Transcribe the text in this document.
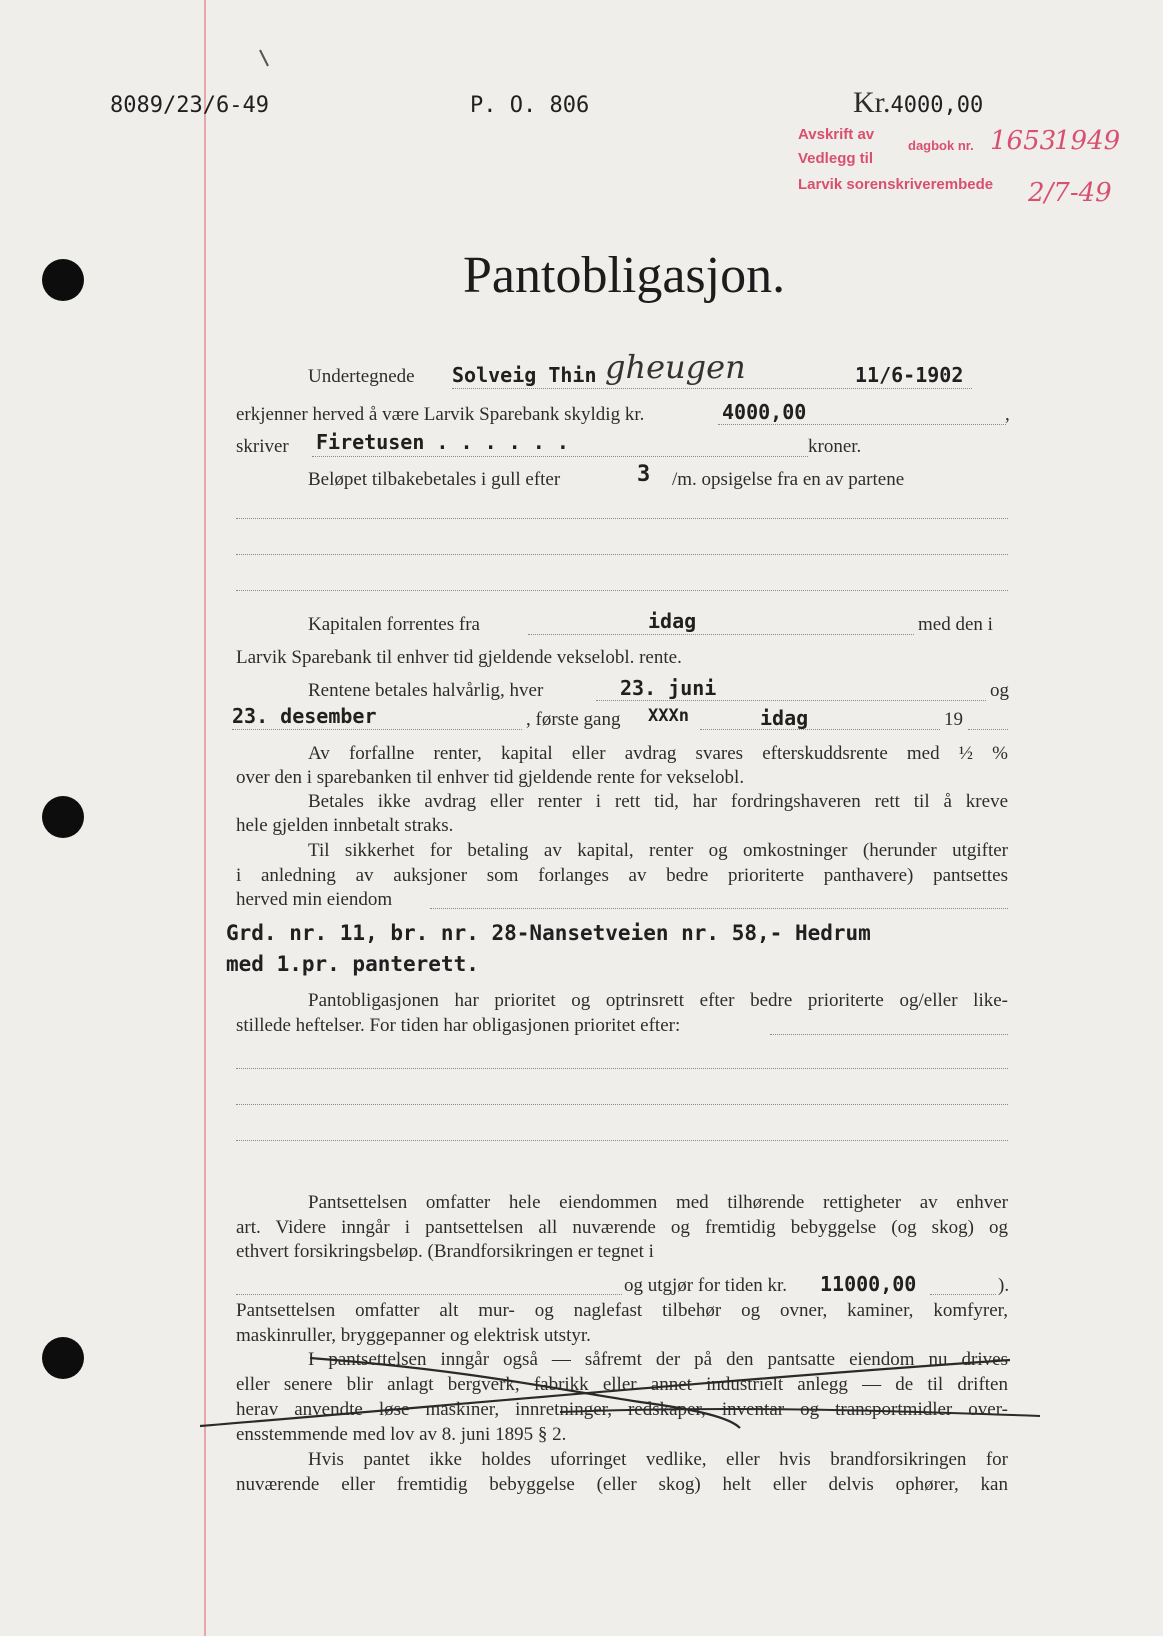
8089/23/6-49	P. O. 806	Kr.4000,00
Avskrift av
dagbok nr. 1653
1949
Vedlegg til
Larvik sorenskriverembede 2/7-49
Pantobligasjon.
Undertegnede Solveig Thin gheugen	11/6-1902
erkjenner herved å være Larvik Sparebank skyldig kr.	4000,00	,
skriver Firetusen . . . . . .	kroner.
Beløpet tilbakebetales i gull efter	3 /m. opsigelse fra en av partene
Kapitalen forrentes fra	idag	med den i
Larvik Sparebank til enhver tid gjeldende vekselobl. rente.
Rentene betales halvårlig, hver	23. juni	og
23. desember	, første gang XXXn	idag	19
Av forfallne renter, kapital eller avdrag svares efterskuddsrente med ½ %
over den i sparebanken til enhver tid gjeldende rente for vekselobl.
Betales ikke avdrag eller renter i rett tid, har fordringshaveren rett til å kreve
hele gjelden innbetalt straks.
Til sikkerhet for betaling av kapital, renter og omkostninger (herunder utgifter
i anledning av auksjoner som forlanges av bedre prioriterte panthavere) pantsettes
herved min eiendom
Grd. nr. 11, br. nr. 28-Nansetveien nr. 58,- Hedrum
med 1.pr. panterett.
Pantobligasjonen har prioritet og optrinsrett efter bedre prioriterte og/eller like-
stillede heftelser. For tiden har obligasjonen prioritet efter:
Pantsettelsen omfatter hele eiendommen med tilhørende rettigheter av enhver
art. Videre inngår i pantsettelsen all nuværende og fremtidig bebyggelse (og skog) og
ethvert forsikringsbeløp. (Brandforsikringen er tegnet i
og utgjør for tiden kr. 11000,00	).
Pantsettelsen omfatter alt mur- og naglefast tilbehør og ovner, kaminer, komfyrer,
maskinruller, bryggepanner og elektrisk utstyr.
I pantsettelsen inngår også — såfremt der på den pantsatte eiendom nu drives
eller senere blir anlagt bergverk, fabrikk eller annet industrielt anlegg — de til driften
herav anvendte løse maskiner, innretninger, redskaper, inventar og transportmidler over-
ensstemmende med lov av 8. juni 1895 § 2.
Hvis pantet ikke holdes uforringet vedlike, eller hvis brandforsikringen for
nuværende eller fremtidig bebyggelse (eller skog) helt eller delvis ophører, kan
